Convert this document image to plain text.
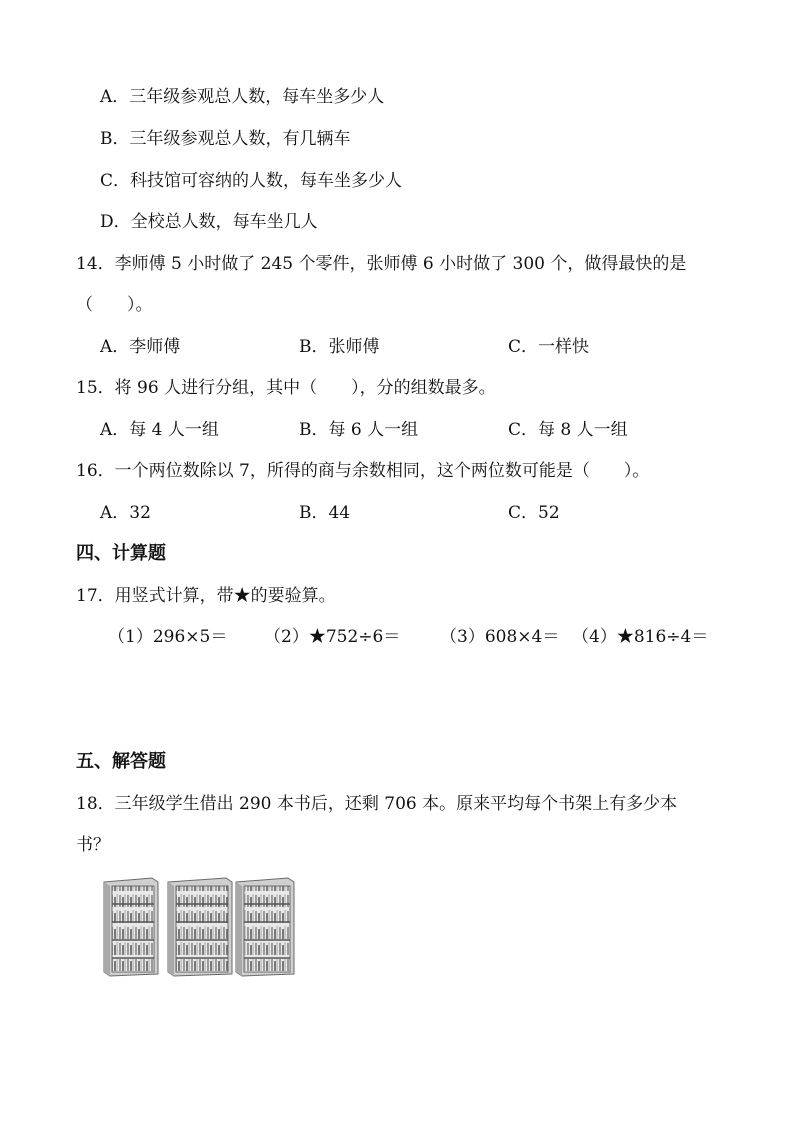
A．三年级参观总人数，每车坐多少人
B．三年级参观总人数，有几辆车
C．科技馆可容纳的人数，每车坐多少人
D．全校总人数，每车坐几人
14．李师傅 5 小时做了 245 个零件，张师傅 6 小时做了 300 个，做得最快的是
（　　）。
A．李师傅	B．张师傅	C．一样快
15．将 96 人进行分组，其中（　　），分的组数最多。
A．每 4 人一组	B．每 6 人一组	C．每 8 人一组
16．一个两位数除以 7，所得的商与余数相同，这个两位数可能是（　　）。
A．32	B．44	C．52
四、计算题
17．用竖式计算，带★的要验算。
（1）296×5＝ （2）★752÷6＝ （3）608×4＝ （4）★816÷4＝
五、解答题
18．三年级学生借出 290 本书后，还剩 706 本。原来平均每个书架上有多少本
书？
